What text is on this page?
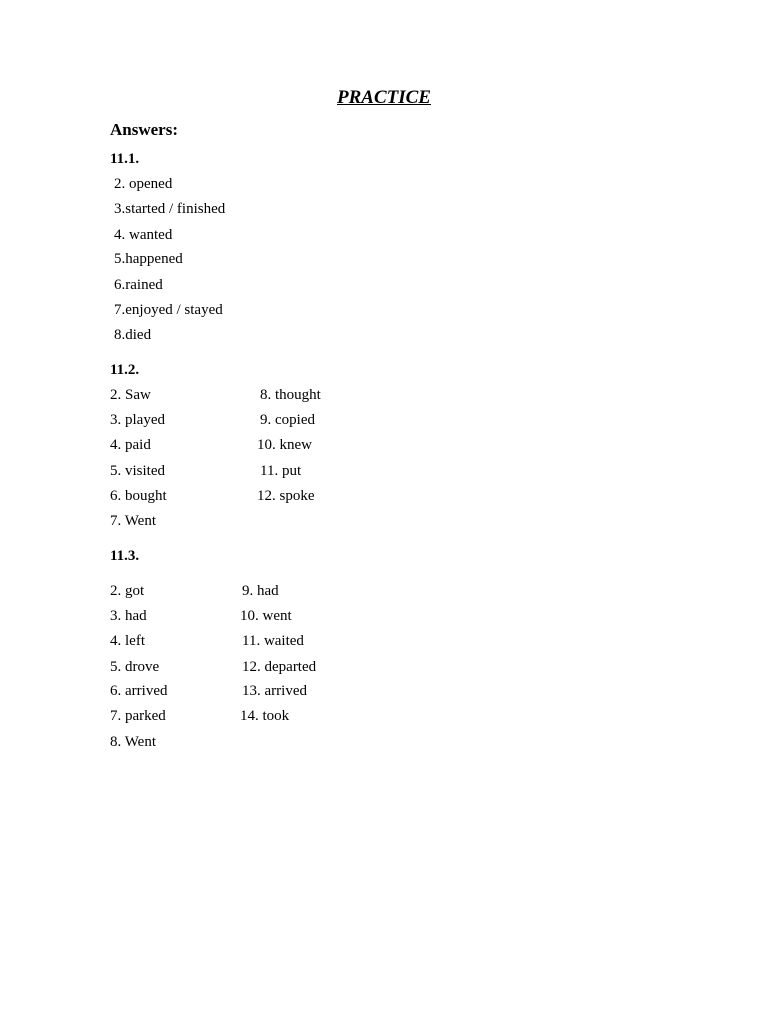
PRACTICE
Answers:
11.1.
2. opened
3.started / finished
4. wanted
5.happened
6.rained
7.enjoyed / stayed
8.died
11.2.
2. Saw
3. played
4. paid
5. visited
6. bought
7. Went
8. thought
9. copied
10. knew
11. put
12. spoke
11.3.
2. got
3. had
4. left
5. drove
6. arrived
7. parked
8. Went
9. had
10. went
11. waited
12. departed
13. arrived
14. took
